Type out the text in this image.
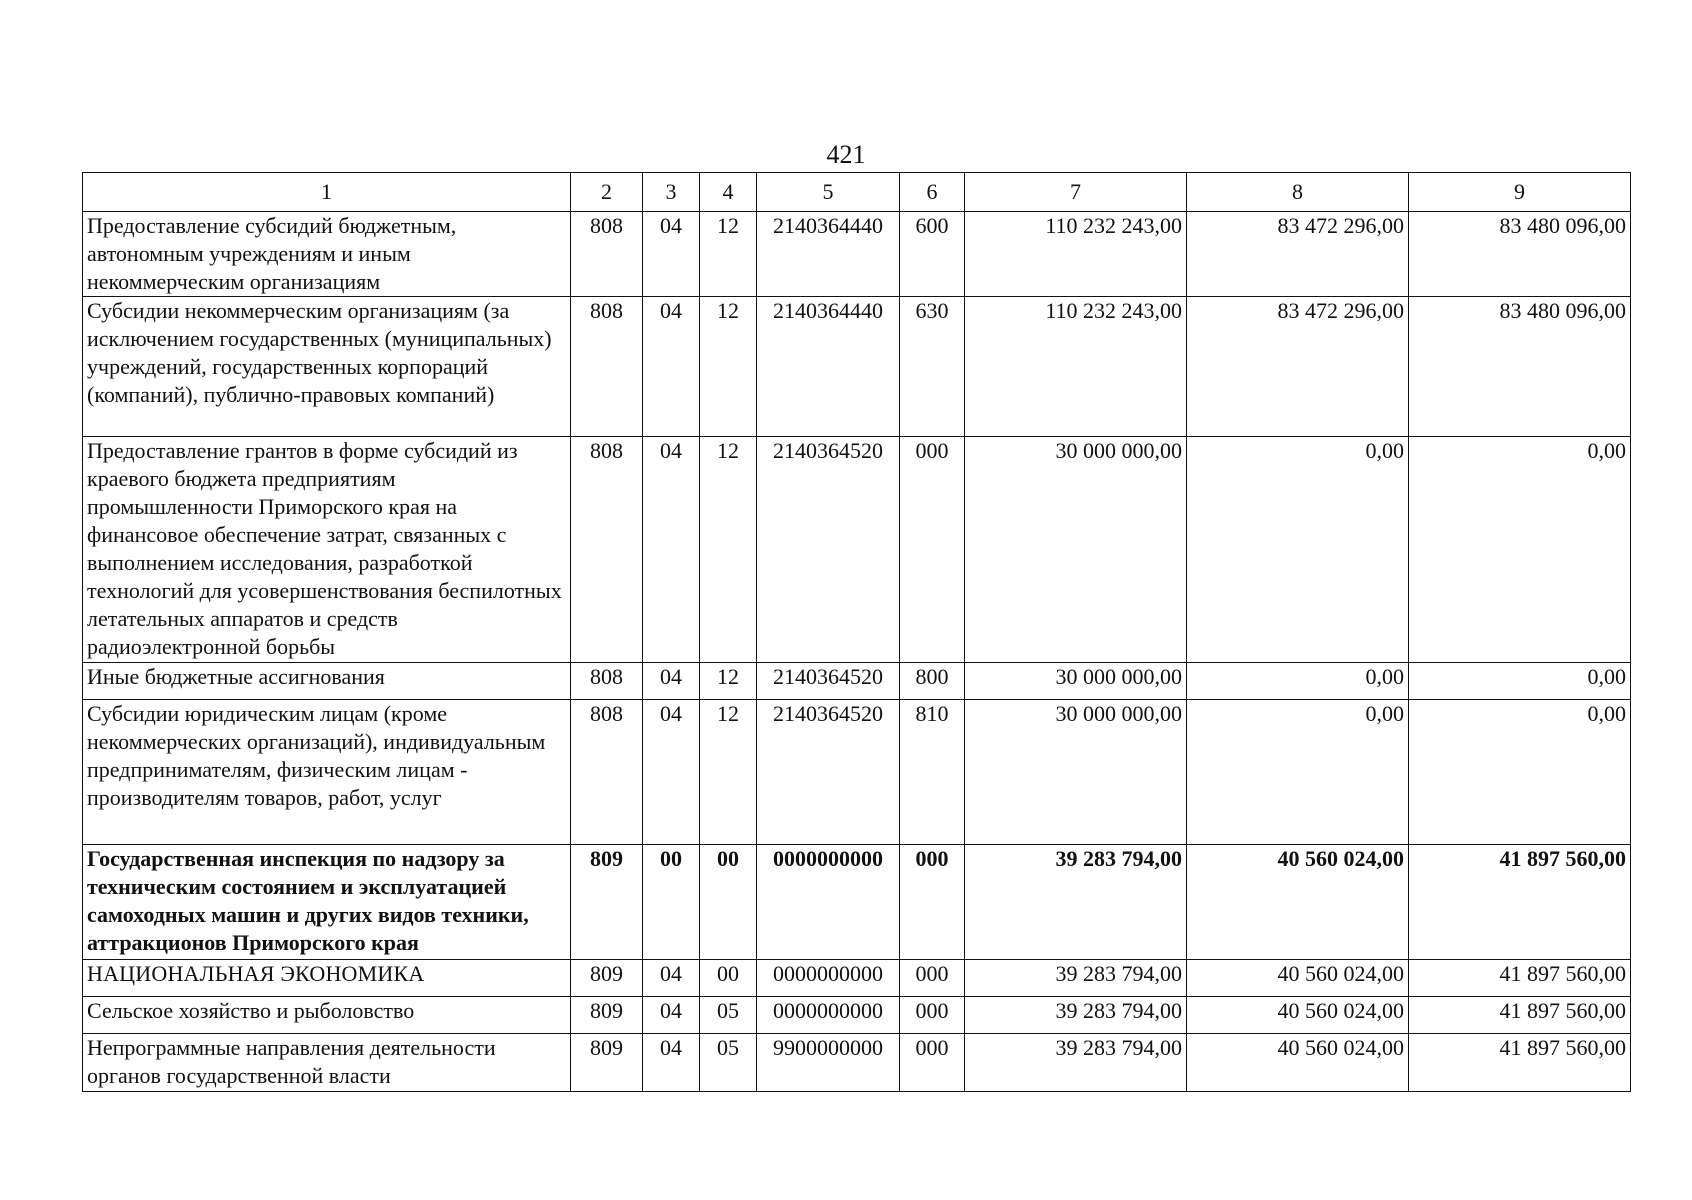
421
1	2	3	4	5	6	7	8	9
Предоставление субсидий бюджетным, автономным учреждениям и иным некоммерческим организациям	808	04	12	2140364440	600	110 232 243,00	83 472 296,00	83 480 096,00
Субсидии некоммерческим организациям (за исключением государственных (муниципальных) учреждений, государственных корпораций (компаний), публично-правовых компаний)	808	04	12	2140364440	630	110 232 243,00	83 472 296,00	83 480 096,00
Предоставление грантов в форме субсидий из краевого бюджета предприятиям промышленности Приморского края на финансовое обеспечение затрат, связанных с выполнением исследования, разработкой технологий для усовершенствования беспилотных летательных аппаратов и средств радиоэлектронной борьбы	808	04	12	2140364520	000	30 000 000,00	0,00	0,00
Иные бюджетные ассигнования	808	04	12	2140364520	800	30 000 000,00	0,00	0,00
Субсидии юридическим лицам (кроме некоммерческих организаций), индивидуальным предпринимателям, физическим лицам - производителям товаров, работ, услуг	808	04	12	2140364520	810	30 000 000,00	0,00	0,00
Государственная инспекция по надзору за техническим состоянием и эксплуатацией самоходных машин и других видов техники, аттракционов Приморского края	809	00	00	0000000000	000	39 283 794,00	40 560 024,00	41 897 560,00
НАЦИОНАЛЬНАЯ ЭКОНОМИКА	809	04	00	0000000000	000	39 283 794,00	40 560 024,00	41 897 560,00
Сельское хозяйство и рыболовство	809	04	05	0000000000	000	39 283 794,00	40 560 024,00	41 897 560,00
Непрограммные направления деятельности органов государственной власти	809	04	05	9900000000	000	39 283 794,00	40 560 024,00	41 897 560,00
